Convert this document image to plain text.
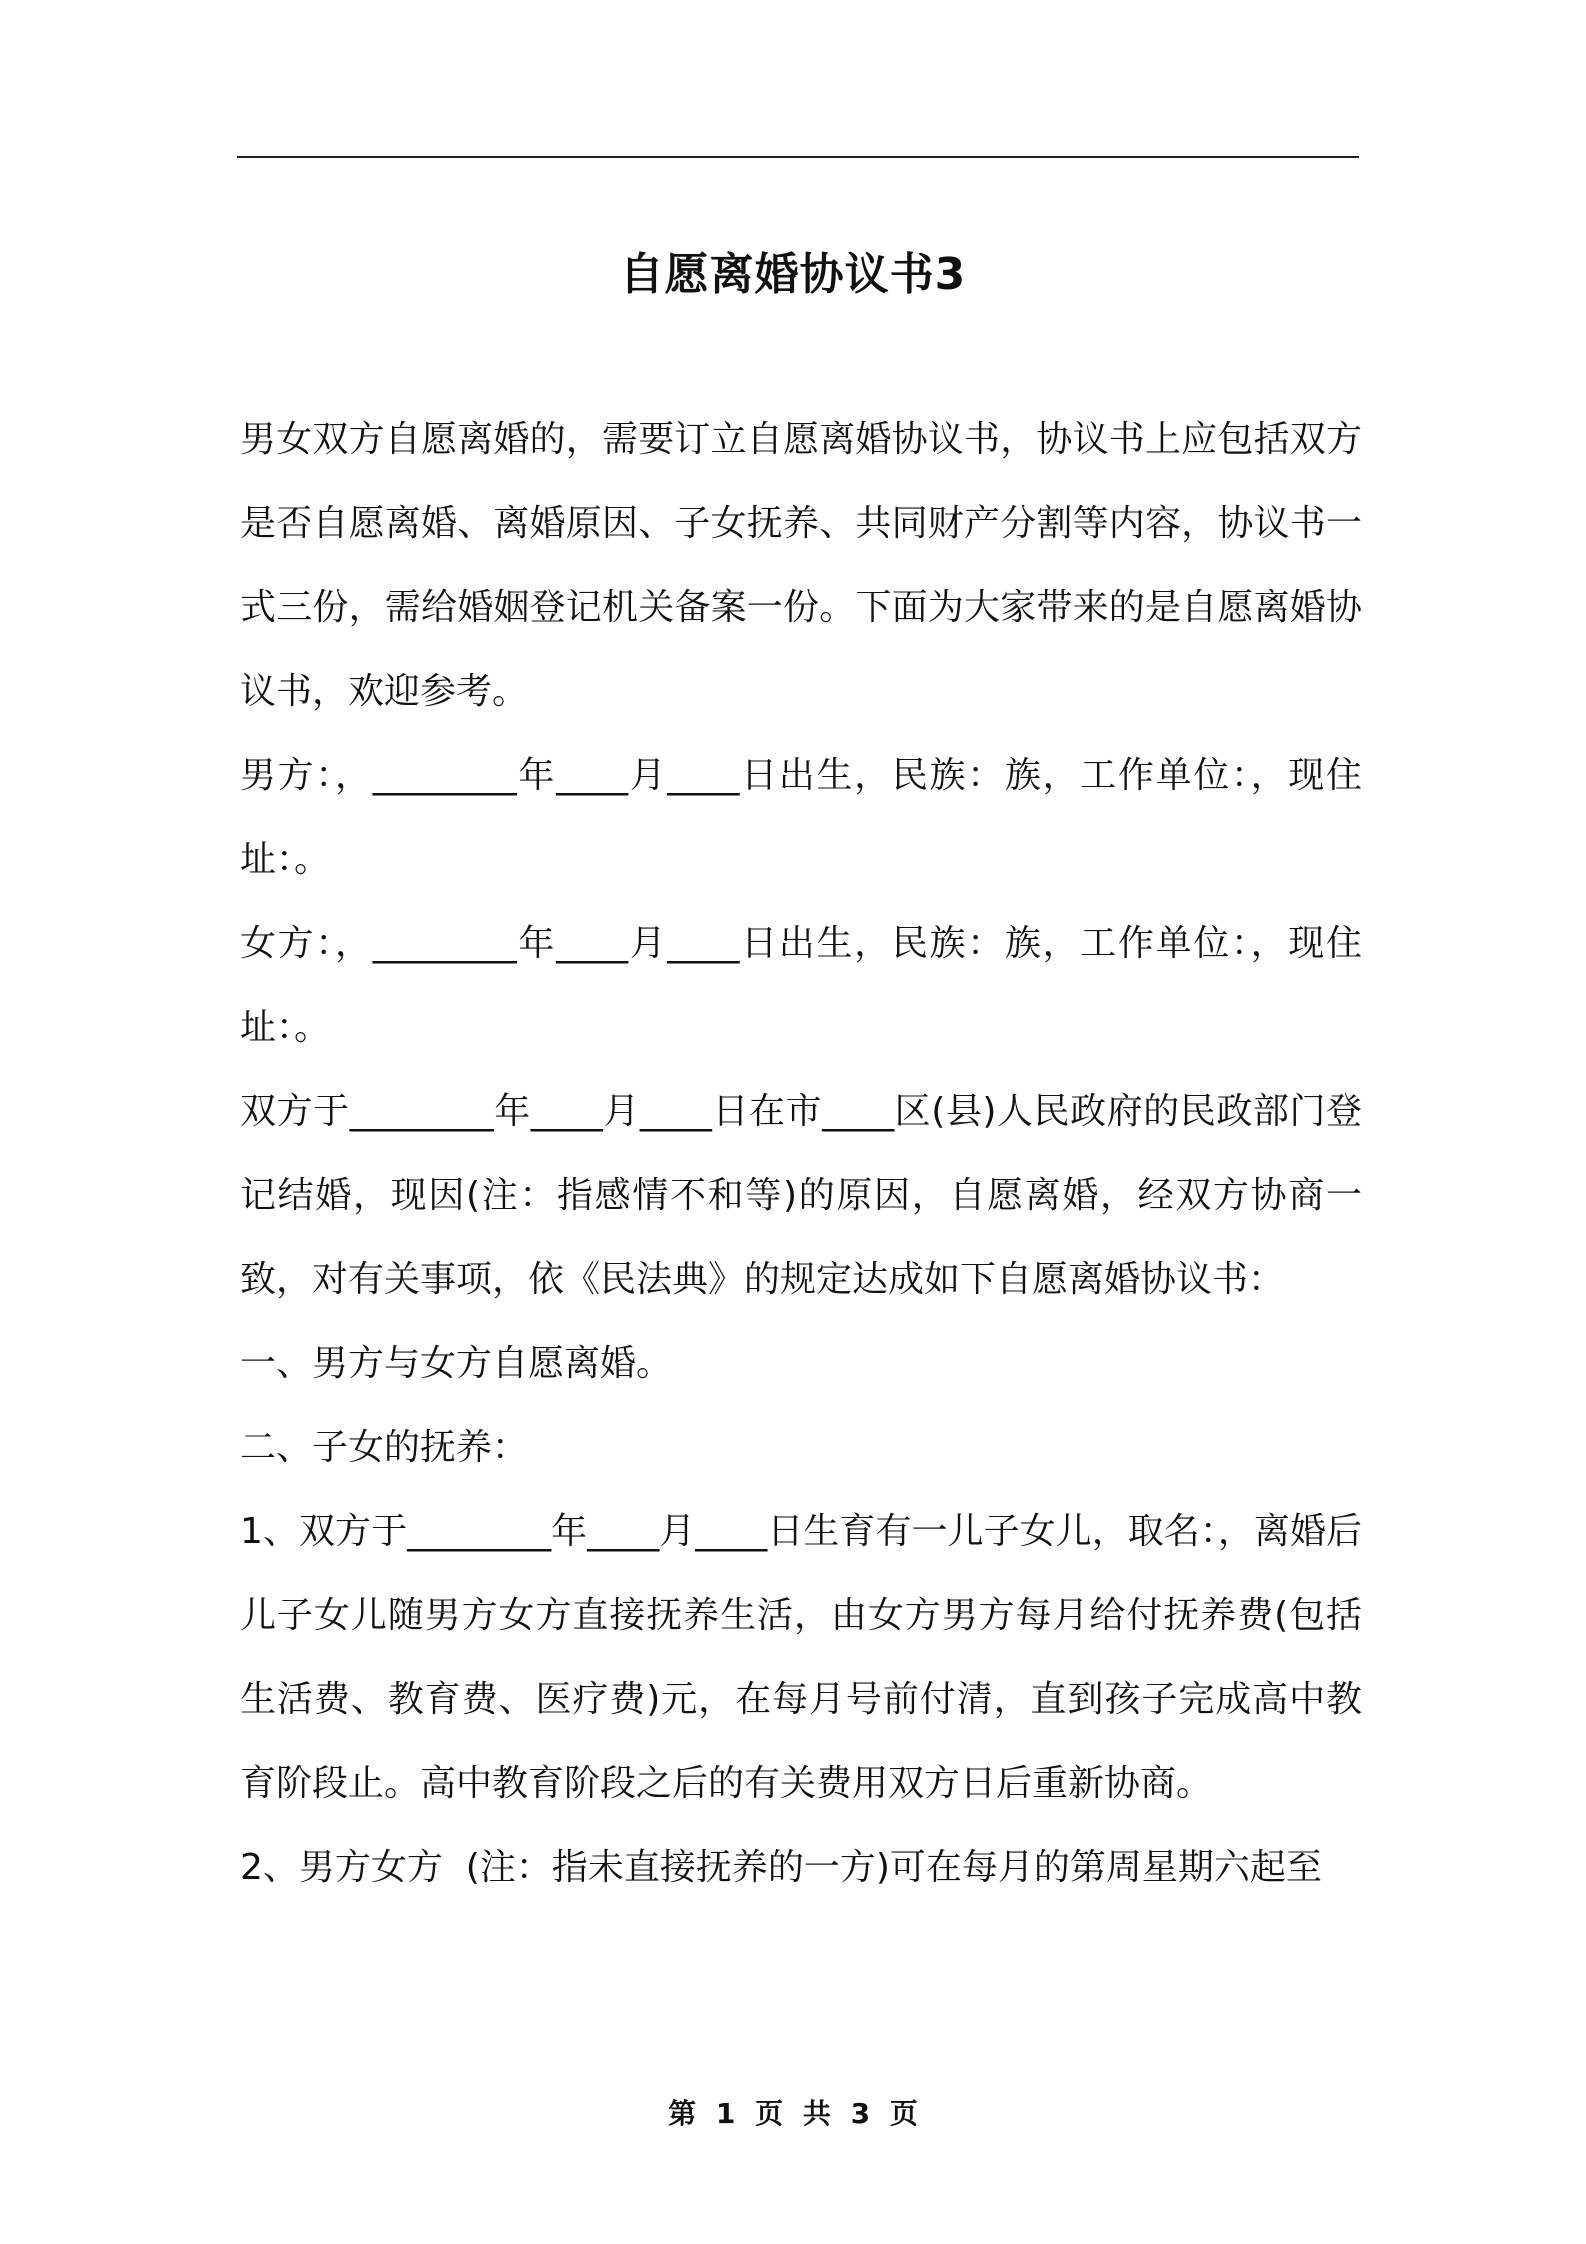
自愿离婚协议书3

男女双方自愿离婚的，需要订立自愿离婚协议书，协议书上应包括双方是否自愿离婚、离婚原因、子女抚养、共同财产分割等内容，协议书一式三份，需给婚姻登记机关备案一份。下面为大家带来的是自愿离婚协议书，欢迎参考。

男方：，________年____月____日出生，民族：族，工作单位：，现住址：。

女方：，________年____月____日出生，民族：族，工作单位：，现住址：。

双方于________年____月____日在市____区(县)人民政府的民政部门登记结婚，现因(注：指感情不和等)的原因，自愿离婚，经双方协商一致，对有关事项，依《民法典》的规定达成如下自愿离婚协议书：

一、男方与女方自愿离婚。

二、子女的抚养：

1、双方于________年____月____日生育有一儿子女儿，取名：，离婚后儿子女儿随男方女方直接抚养生活，由女方男方每月给付抚养费(包括生活费、教育费、医疗费)元，在每月号前付清，直到孩子完成高中教育阶段止。高中教育阶段之后的有关费用双方日后重新协商。

2、男方女方  (注：指未直接抚养的一方)可在每月的第周星期六起至

第 1 页 共 3 页
